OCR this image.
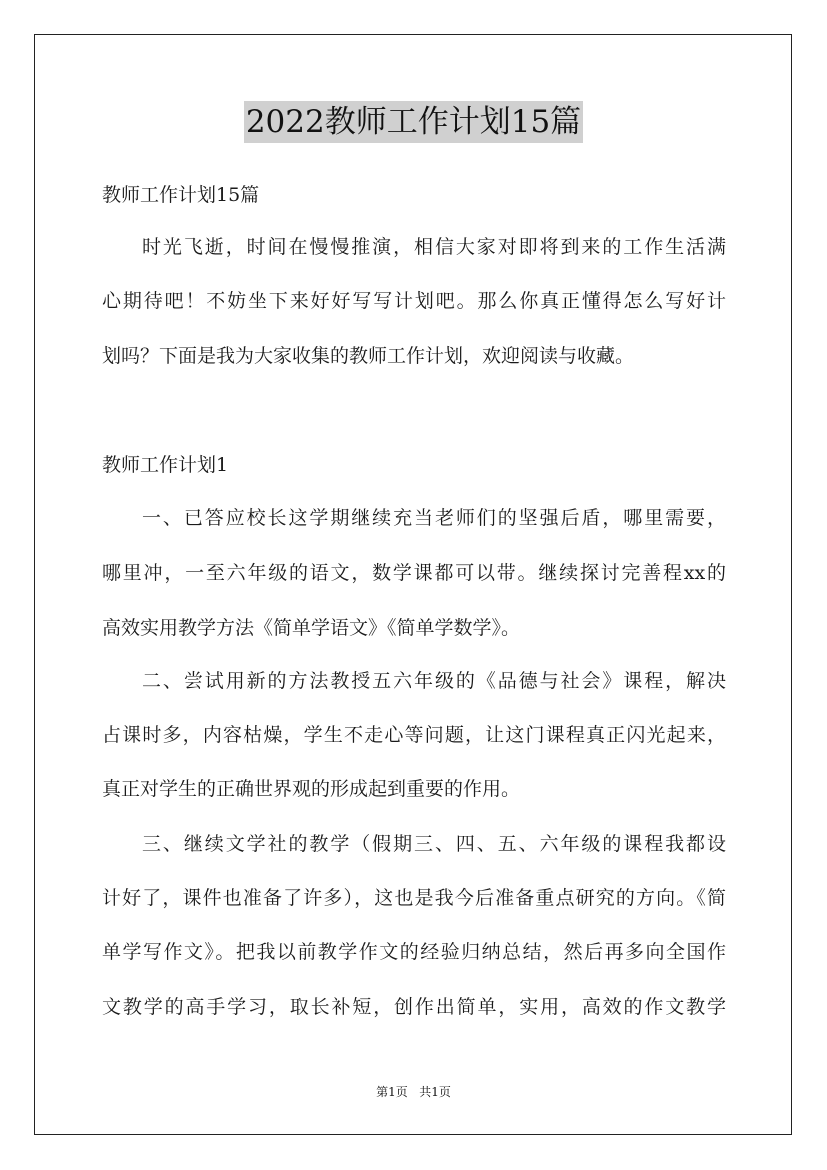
2022教师工作计划15篇
教师工作计划15篇
时光飞逝，时间在慢慢推演，相信大家对即将到来的工作生活满
心期待吧！不妨坐下来好好写写计划吧。那么你真正懂得怎么写好计
划吗？下面是我为大家收集的教师工作计划，欢迎阅读与收藏。
教师工作计划1
一、已答应校长这学期继续充当老师们的坚强后盾，哪里需要，
哪里冲，一至六年级的语文，数学课都可以带。继续探讨完善程xx的
高效实用教学方法《简单学语文》《简单学数学》。
二、尝试用新的方法教授五六年级的《品德与社会》课程，解决
占课时多，内容枯燥，学生不走心等问题，让这门课程真正闪光起来，
真正对学生的正确世界观的形成起到重要的作用。
三、继续文学社的教学（假期三、四、五、六年级的课程我都设
计好了，课件也准备了许多），这也是我今后准备重点研究的方向。《简
单学写作文》。把我以前教学作文的经验归纳总结，然后再多向全国作
文教学的高手学习，取长补短，创作出简单，实用，高效的作文教学
第1页 共1页
